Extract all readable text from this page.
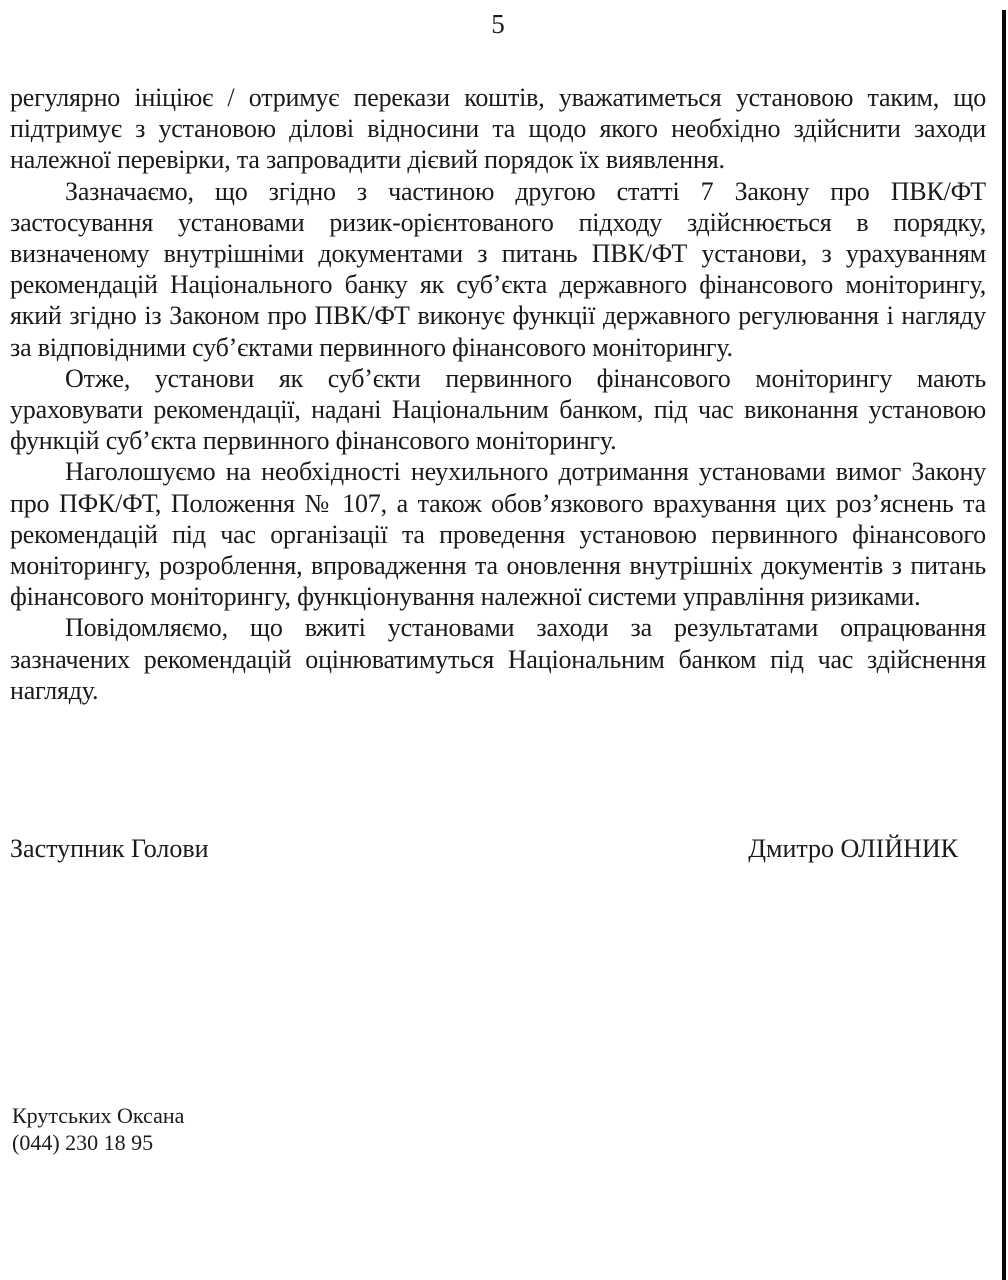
5

регулярно ініціює / отримує перекази коштів, уважатиметься установою таким, що підтримує з установою ділові відносини та щодо якого необхідно здійснити заходи належної перевірки, та запровадити дієвий порядок їх виявлення.

Зазначаємо, що згідно з частиною другою статті 7 Закону про ПВК/ФТ застосування установами ризик-орієнтованого підходу здійснюється в порядку, визначеному внутрішніми документами з питань ПВК/ФТ установи, з урахуванням рекомендацій Національного банку як суб’єкта державного фінансового моніторингу, який згідно із Законом про ПВК/ФТ виконує функції державного регулювання і нагляду за відповідними суб’єктами первинного фінансового моніторингу.

Отже, установи як суб’єкти первинного фінансового моніторингу мають ураховувати рекомендації, надані Національним банком, під час виконання установою функцій суб’єкта первинного фінансового моніторингу.

Наголошуємо на необхідності неухильного дотримання установами вимог Закону про ПФК/ФТ, Положення № 107, а також обов’язкового врахування цих роз’яснень та рекомендацій під час організації та проведення установою первинного фінансового моніторингу, розроблення, впровадження та оновлення внутрішніх документів з питань фінансового моніторингу, функціонування належної системи управління ризиками.

Повідомляємо, що вжиті установами заходи за результатами опрацювання зазначених рекомендацій оцінюватимуться Національним банком під час здійснення нагляду.

Заступник Голови	Дмитро ОЛІЙНИК
Крутських Оксана
(044) 230 18 95
